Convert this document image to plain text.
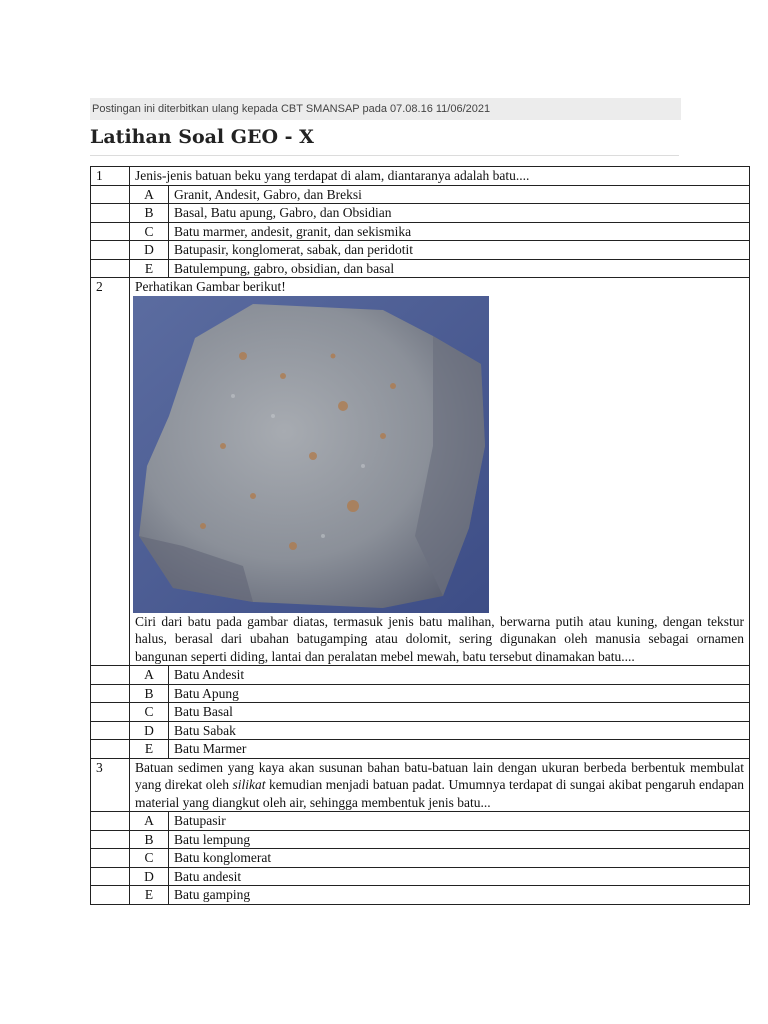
Postingan ini diterbitkan ulang kepada CBT SMANSAP pada 07.08.16 11/06/2021
Latihan Soal GEO - X
1	Jenis-jenis batuan beku yang terdapat di alam, diantaranya adalah batu....	
	A	Granit, Andesit, Gabro, dan Breksi
	B	Basal, Batu apung, Gabro, dan Obsidian
	C	Batu marmer, andesit, granit, dan sekismika
	D	Batupasir, konglomerat, sabak, dan peridotit
	E	Batulempung, gabro, obsidian, dan basal
2	Perhatikan Gambar berikut!
Ciri dari batu pada gambar diatas, termasuk jenis batu malihan, berwarna putih atau kuning, dengan tekstur halus, berasal dari ubahan batugamping atau dolomit, sering digunakan oleh manusia sebagai ornamen bangunan seperti diding, lantai dan peralatan mebel mewah, batu tersebut dinamakan batu....	

	A	Batu Andesit
	B	Batu Apung
	C	Batu Basal
	D	Batu Sabak
	E	Batu Marmer
3	Batuan sedimen yang kaya akan susunan bahan batu-batuan lain dengan ukuran berbeda berbentuk membulat yang direkat oleh silikat kemudian menjadi batuan padat. Umumnya terdapat di sungai akibat pengaruh endapan material yang diangkut oleh air, sehingga membentuk jenis batu...	
	A	Batupasir
	B	Batu lempung
	C	Batu konglomerat
	D	Batu andesit
	E	Batu gamping
